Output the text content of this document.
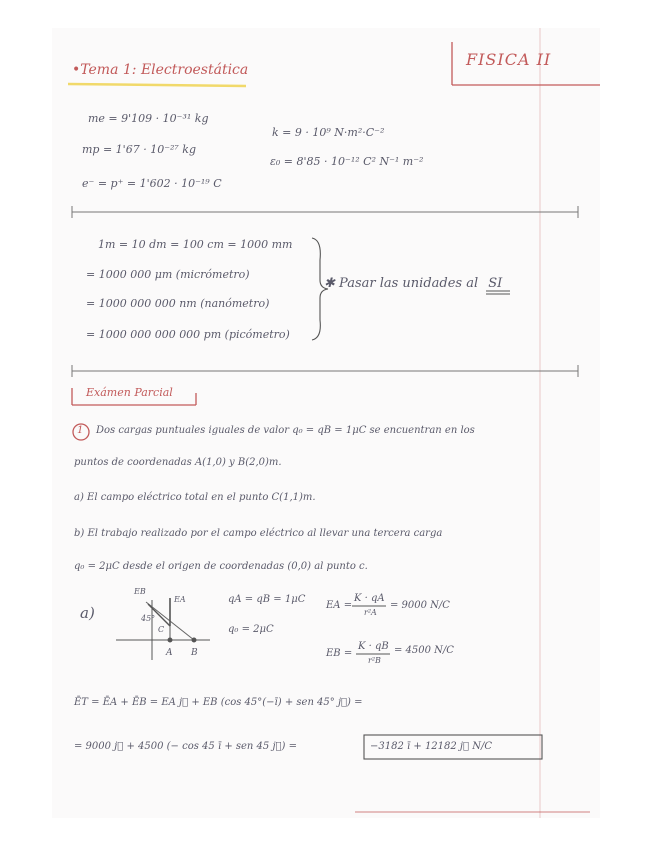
•Tema 1: Electroestática
FISICA II
me = 9'109 · 10⁻³¹ kg
mp = 1'67 · 10⁻²⁷ kg
e⁻ = p⁺ = 1'602 · 10⁻¹⁹ C
k = 9 · 10⁹ N·m²·C⁻²
ε₀ = 8'85 · 10⁻¹² C² N⁻¹ m⁻²
1m = 10 dm = 100 cm = 1000 mm
= 1000 000 μm (micrómetro)
= 1000 000 000 nm (nanómetro)
= 1000 000 000 000 pm (picómetro)
✱ Pasar las unidades al SI
Exámen Parcial
1 Dos cargas puntuales iguales de valor q₀ = qB = 1μC se encuentran en los
puntos de coordenadas A(1,0) y B(2,0)m.
a) El campo eléctrico total en el punto C(1,1)m.
b) El trabajo realizado por el campo eléctrico al llevar una tercera carga
q₀ = 2μC desde el origen de coordenadas (0,0) al punto c.
a)
EB
EA
45°
C
A B
qA = qB = 1μC
q₀ = 2μC
EA =
K · qA
r²A
= 9000 N/C
EB =
K · qB
r²B
= 4500 N/C
ĒT = ĒA + ĒB = EA j⃗ + EB (cos 45°(−ī) + sen 45° j⃗) =
= 9000 j⃗ + 4500 (− cos 45 ī + sen 45 j⃗) =	−3182 ī + 12182 j⃗ N/C
